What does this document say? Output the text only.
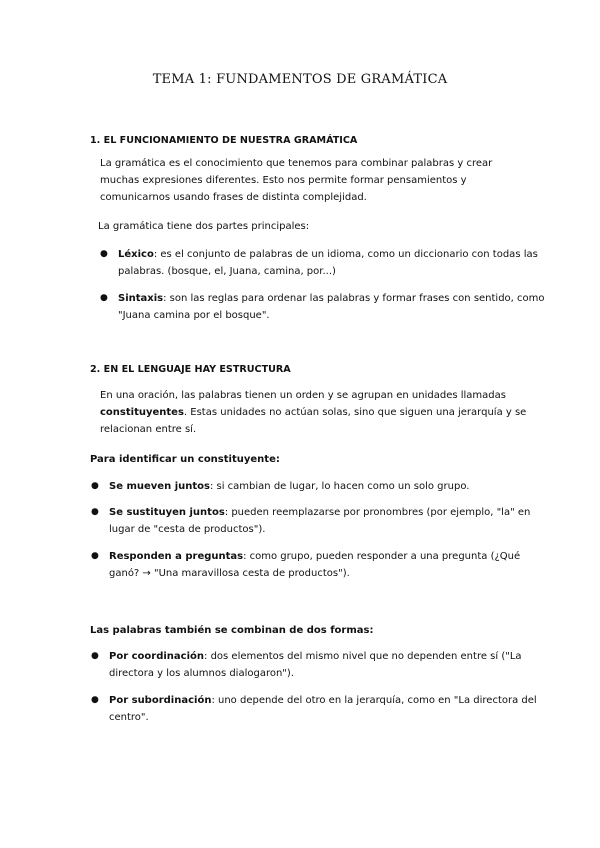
TEMA 1: FUNDAMENTOS DE GRAMÁTICA
1. EL FUNCIONAMIENTO DE NUESTRA GRAMÁTICA
La gramática es el conocimiento que tenemos para combinar palabras y crear muchas expresiones diferentes. Esto nos permite formar pensamientos y comunicarnos usando frases de distinta complejidad.
La gramática tiene dos partes principales:
● Léxico: es el conjunto de palabras de un idioma, como un diccionario con todas las palabras. (bosque, el, Juana, camina, por...)
● Sintaxis: son las reglas para ordenar las palabras y formar frases con sentido, como "Juana camina por el bosque".
2. EN EL LENGUAJE HAY ESTRUCTURA
En una oración, las palabras tienen un orden y se agrupan en unidades llamadas constituyentes. Estas unidades no actúan solas, sino que siguen una jerarquía y se relacionan entre sí.
Para identificar un constituyente:
● Se mueven juntos: si cambian de lugar, lo hacen como un solo grupo.
● Se sustituyen juntos: pueden reemplazarse por pronombres (por ejemplo, "la" en lugar de "cesta de productos").
● Responden a preguntas: como grupo, pueden responder a una pregunta (¿Qué ganó? → "Una maravillosa cesta de productos").
Las palabras también se combinan de dos formas:
● Por coordinación: dos elementos del mismo nivel que no dependen entre sí ("La directora y los alumnos dialogaron").
● Por subordinación: uno depende del otro en la jerarquía, como en "La directora del centro".
